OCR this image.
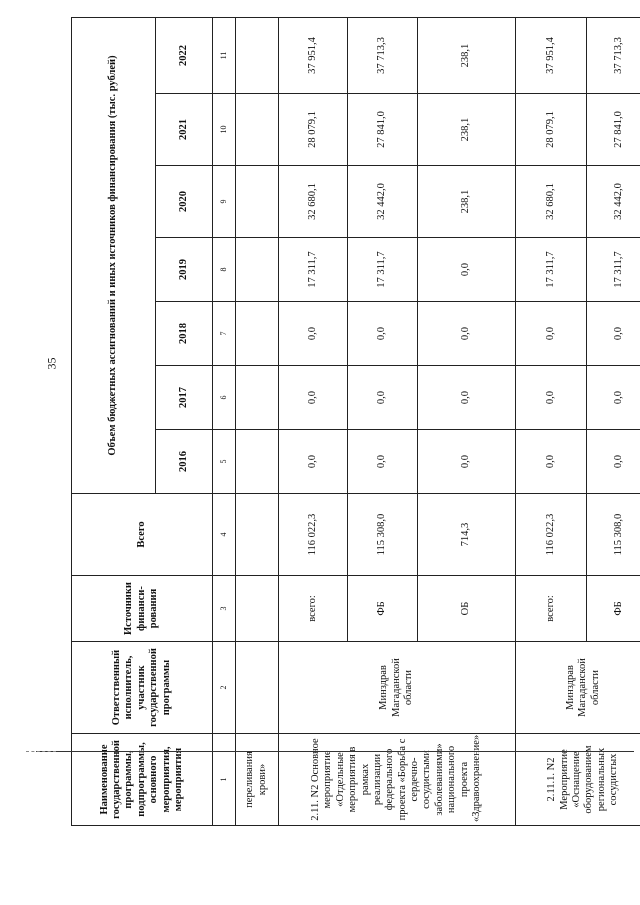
35
Наименование государственной программы, подпрограммы, основного мероприятия, мероприятия	Ответственный исполнитель, участник государственной программы	Источники финанси-рования	Всего	Объем бюджетных ассигнований и иных источников финансирования (тыс. рублей)						
				2016	2017	2018	2019	2020	2021	2022
1	2	3	4	5	6	7	8	9	10	11
переливания крови»										
2.11. N2 Основное мероприятие «Отдельные мероприятия в рамках реализации федерального проекта «Борьба с сердечно-сосудистыми заболеваниями» национального проекта «Здравоохранение»	Минздрав Магаданской области	всего:	116 022,3	0,0	0,0	0,0	17 311,7	32 680,1	28 079,1	37 951,4
		ФБ	115 308,0	0,0	0,0	0,0	17 311,7	32 442,0	27 841,0	37 713,3
		ОБ	714,3	0,0	0,0	0,0	0,0	238,1	238,1	238,1
2.11.1. N2 Мероприятие «Оснащение оборудованием региональных сосудистых	Минздрав Магаданской области	всего:	116 022,3	0,0	0,0	0,0	17 311,7	32 680,1	28 079,1	37 951,4
		ФБ	115 308,0	0,0	0,0	0,0	17 311,7	32 442,0	27 841,0	37 713,3
